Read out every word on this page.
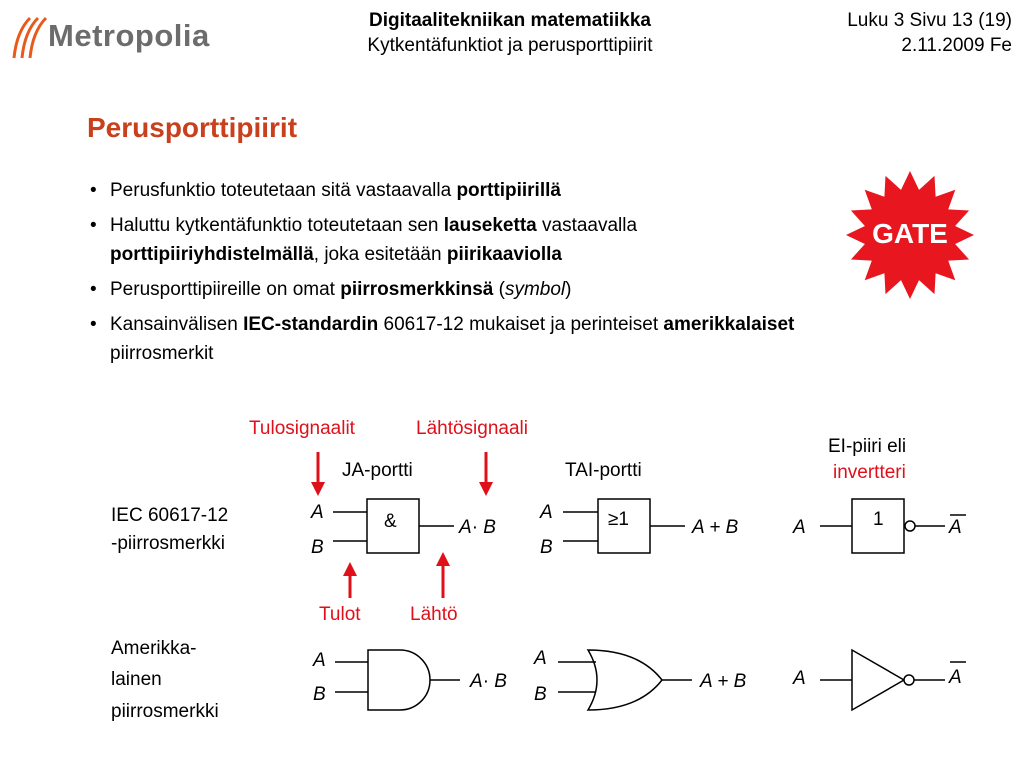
Metropolia	Digitaalitekniikan matematiikka
Kytkentäfunktiot ja perusporttipiirit
Luku 3 Sivu 13 (19)
2.11.2009 Fe
Perusporttipiirit
• Perusfunktio toteutetaan sitä vastaavalla porttipiirillä
• Haluttu kytkentäfunktio toteutetaan sen lauseketta vastaavalla porttipiiriyhdistelmällä, joka esitetään piirikaaviolla
• Perusporttipiireille on omat piirrosmerkkinsä (symbol)
• Kansainvälisen IEC-standardin 60617-12 mukaiset ja perinteiset amerikkalaiset piirrosmerkit
GATE
Tulosignaalit	Lähtösignaali
Tulot	Lähtö
JA-portti	TAI-portti
EI-piiri eli
invertteri
IEC 60617-12
-piirrosmerkki
Amerikka-
lainen
piirrosmerkki
&	≥1	1
A
B
A· B
A
B
A + B	A	A
A
B
A· B
A
B
A + B A	A
